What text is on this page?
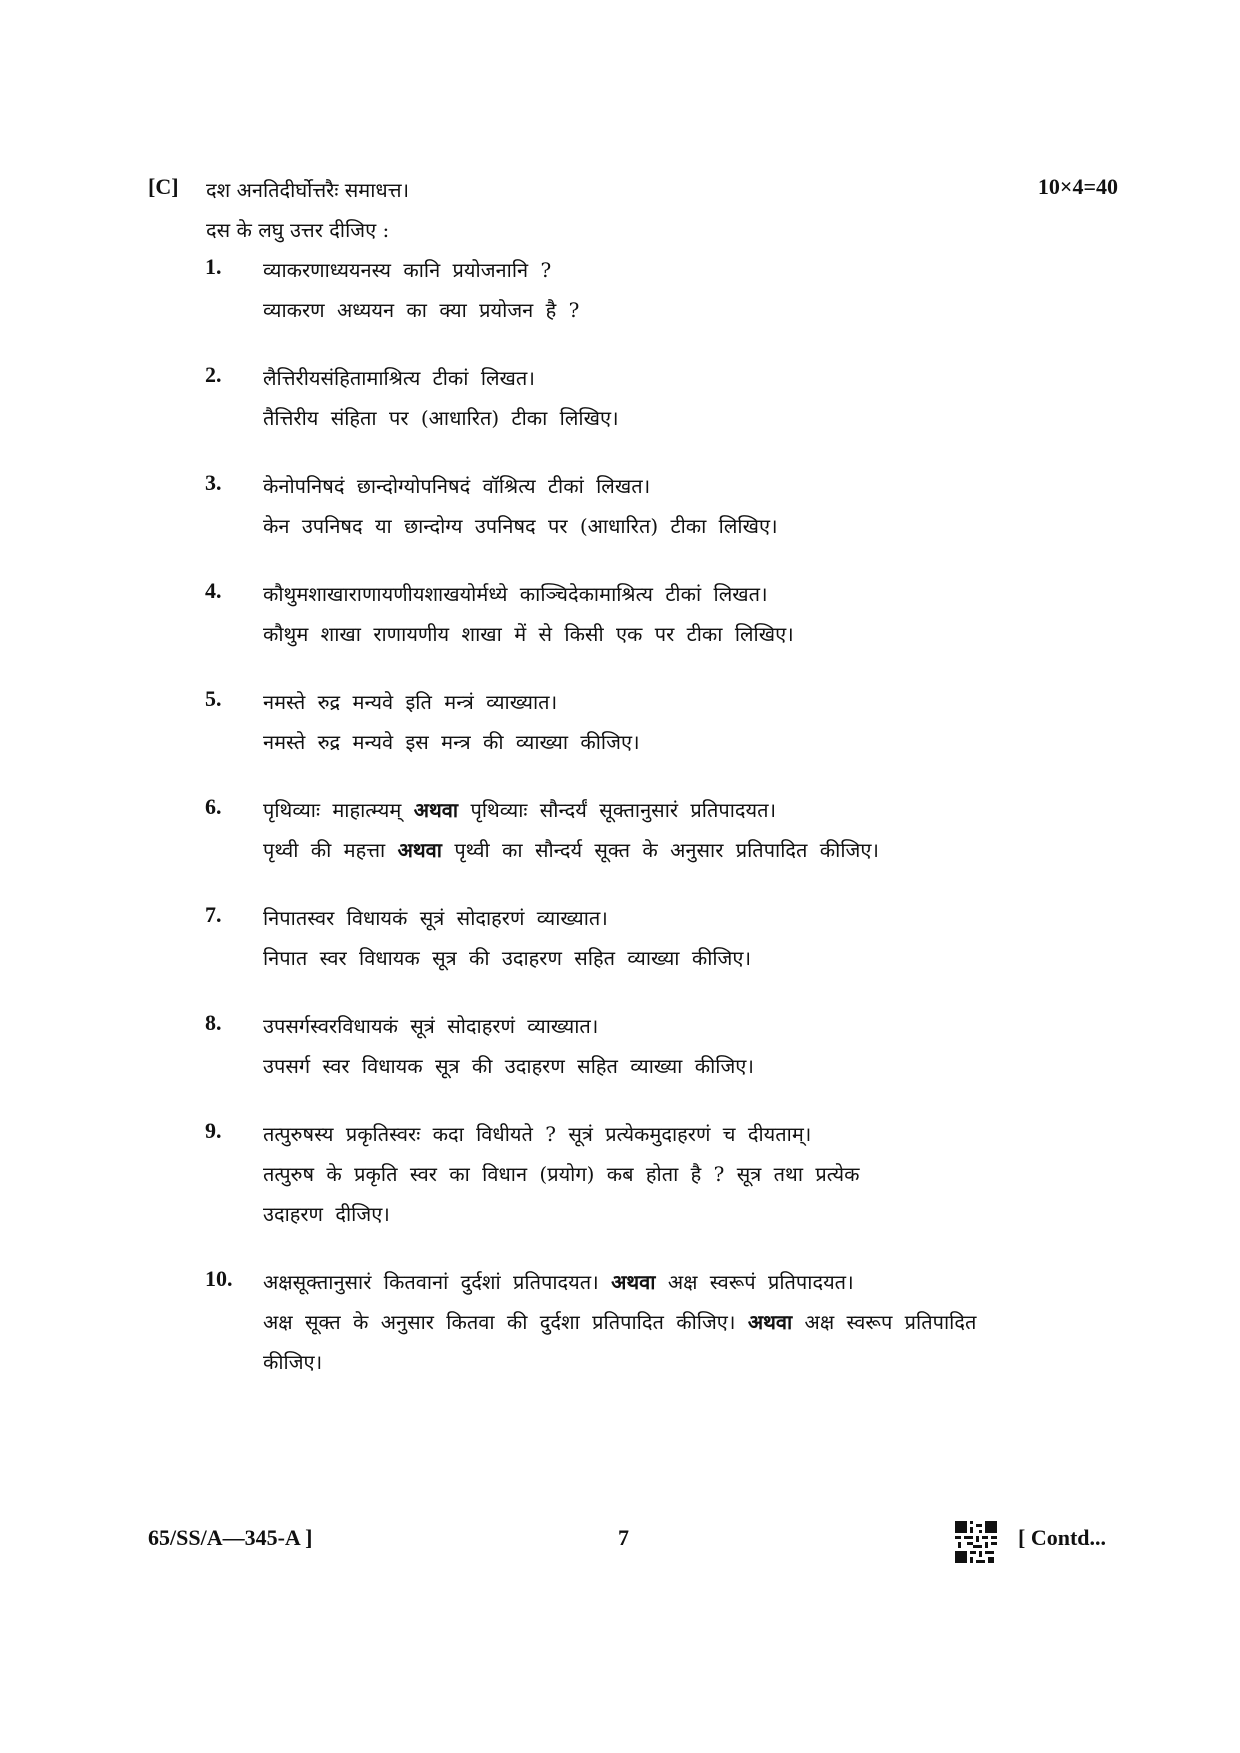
[C] दश अनतिदीर्घोत्तरैः समाधत्त।
दस के लघु उत्तर दीजिए :
10×4=40
1.	व्याकरणाध्ययनस्य कानि प्रयोजनानि ?
व्याकरण अध्ययन का क्या प्रयोजन है ?
2.	लैत्तिरीयसंहितामाश्रित्य टीकां लिखत।
तैत्तिरीय संहिता पर (आधारित) टीका लिखिए।
3.	केनोपनिषदं छान्दोग्योपनिषदं वॉश्रित्य टीकां लिखत।
केन उपनिषद या छान्दोग्य उपनिषद पर (आधारित) टीका लिखिए।
4.	कौथुमशाखाराणायणीयशाखयोर्मध्ये काञ्चिदेकामाश्रित्य टीकां लिखत।
कौथुम शाखा राणायणीय शाखा में से किसी एक पर टीका लिखिए।
5.	नमस्ते रुद्र मन्यवे इति मन्त्रं व्याख्यात।
नमस्ते रुद्र मन्यवे इस मन्त्र की व्याख्या कीजिए।
6.	पृथिव्याः माहात्म्यम् अथवा पृथिव्याः सौन्दर्यं सूक्तानुसारं प्रतिपादयत।
पृथ्वी की महत्ता अथवा पृथ्वी का सौन्दर्य सूक्त के अनुसार प्रतिपादित कीजिए।
7.	निपातस्वर विधायकं सूत्रं सोदाहरणं व्याख्यात।
निपात स्वर विधायक सूत्र की उदाहरण सहित व्याख्या कीजिए।
8.	उपसर्गस्वरविधायकं सूत्रं सोदाहरणं व्याख्यात।
उपसर्ग स्वर विधायक सूत्र की उदाहरण सहित व्याख्या कीजिए।
9.	तत्पुरुषस्य प्रकृतिस्वरः कदा विधीयते ? सूत्रं प्रत्येकमुदाहरणं च दीयताम्।
तत्पुरुष के प्रकृति स्वर का विधान (प्रयोग) कब होता है ? सूत्र तथा प्रत्येक
उदाहरण दीजिए।
10.	अक्षसूक्तानुसारं कितवानां दुर्दशां प्रतिपादयत। अथवा अक्ष स्वरूपं प्रतिपादयत।
अक्ष सूक्त के अनुसार कितवा की दुर्दशा प्रतिपादित कीजिए। अथवा अक्ष स्वरूप प्रतिपादित
कीजिए।
65/SS/A—345-A ]	7	[ Contd...
